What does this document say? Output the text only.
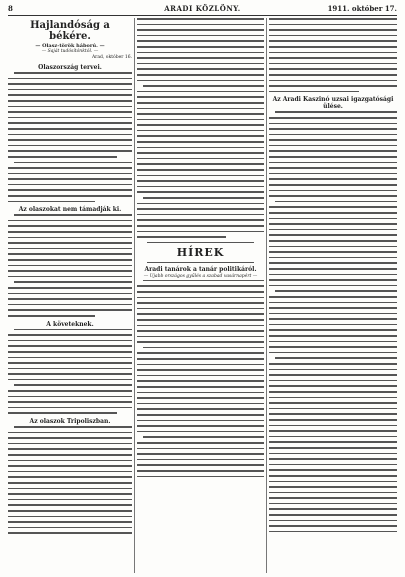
8	ARADI KÖZLÖNY.	1911. október 17.
Hajlandóság a békére.
— Olasz-török háború. —
— Saját tudósítónktól. —
Arad, október 16.
Olaszország tervei.
Az olaszokat nem támadják ki.
A követeknek.
Az olaszok Tripoliszban.
HÍREK
Aradi tanárok a tanár politikáról.
— Ujabb országos gyűlés a szabad vasárnapért —
Az Aradi Kaszinó uzsai igazgatósági ülése.
